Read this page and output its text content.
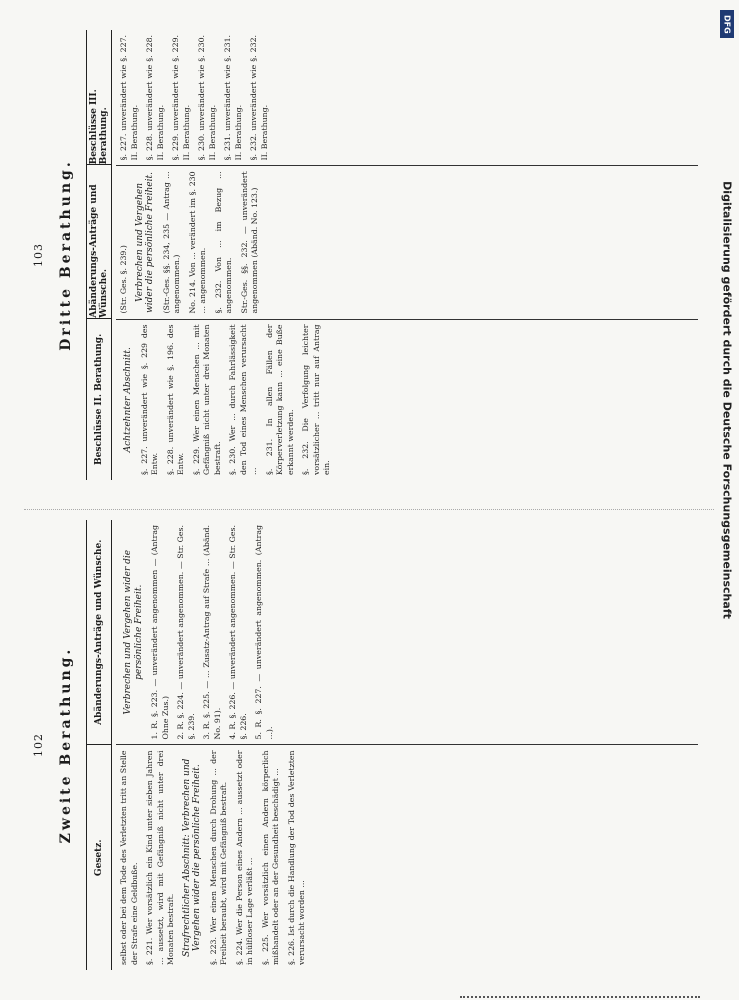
102 Zweite Berathung.
Gesetz.
Abänderungs-Anträge und Wünsche.

selbst oder bei dem Tode des Verletzten tritt an Stelle der Strafe eine Geldbuße. §. 221. Wer vorsätzlich ein Kind unter sieben Jahren ... aussetzt, wird mit Gefängniß nicht unter drei Monaten bestraft. Strafrechtlicher Abschnitt: Verbrechen und Vergehen wider die persönliche Freiheit. §. 223. Wer einen Menschen durch Drohung ... der Freiheit beraubt, wird mit Gefängniß bestraft. §. 224. Wer die Person eines Andern ... aussetzt oder in hülfloser Lage verläßt ... §. 225. Wer vorsätzlich einen Andern körperlich mißhandelt oder an der Gesundheit beschädigt ... §. 226. Ist durch die Handlung der Tod des Verletzten verursacht worden ...

Verbrechen und Vergehen wider die persönliche Freiheit. 1. R. §. 223. — unverändert angenommen — (Antrag Ohne Zus.) 2. R. §. 224. — unverändert angenommen. — Str. Ges. §. 239. 3. R. §. 225. — ... Zusatz-Antrag auf Strafe ... (Abänd. No. 91). 4. R. §. 226. — unverändert angenommen. — Str. Ges. §. 226. 5. R. §. 227. — unverändert angenommen. (Antrag ...).

103 Dritte Berathung.
Beschlüsse II. Berathung.
Abänderungs-Anträge und Wünsche.
Beschlüsse III. Berathung.
Achtzehnter Abschnitt. §. 227. unverändert wie §. 229 des Entw. §. 228. unverändert wie §. 196. des Entw. §. 229. Wer einen Menschen ... mit Gefängniß nicht unter drei Monaten bestraft. §. 230. Wer ... durch Fahrlässigkeit den Tod eines Menschen verursacht ... §. 231. In allen Fällen der Körperverletzung kann ... eine Buße erkannt werden. §. 232. Die Verfolgung leichter vorsätzlicher ... tritt nur auf Antrag ein.

(Str. Ges. §. 239.) Verbrechen und Vergehen wider die persönliche Freiheit. (Str.-Ges. §§. 234, 235 — Antrag ... angenommen.) No. 214. Von ... verändert im §. 230 ... angenommen. §. 232. Von ... im Bezug ... angenommen. Str.-Ges. §§. 232. — unverändert angenommen (Abänd. No. 123.)

§. 227. unverändert wie §. 227. II. Berathung. §. 228. unverändert wie §. 228. II. Berathung. §. 229. unverändert wie §. 229. II. Berathung. §. 230. unverändert wie §. 230. II. Berathung. §. 231. unverändert wie §. 231. II. Berathung. §. 232. unverändert wie §. 232. II. Berathung.

DFG
Digitalisierung gefördert durch die Deutsche Forschungsgemeinschaft
